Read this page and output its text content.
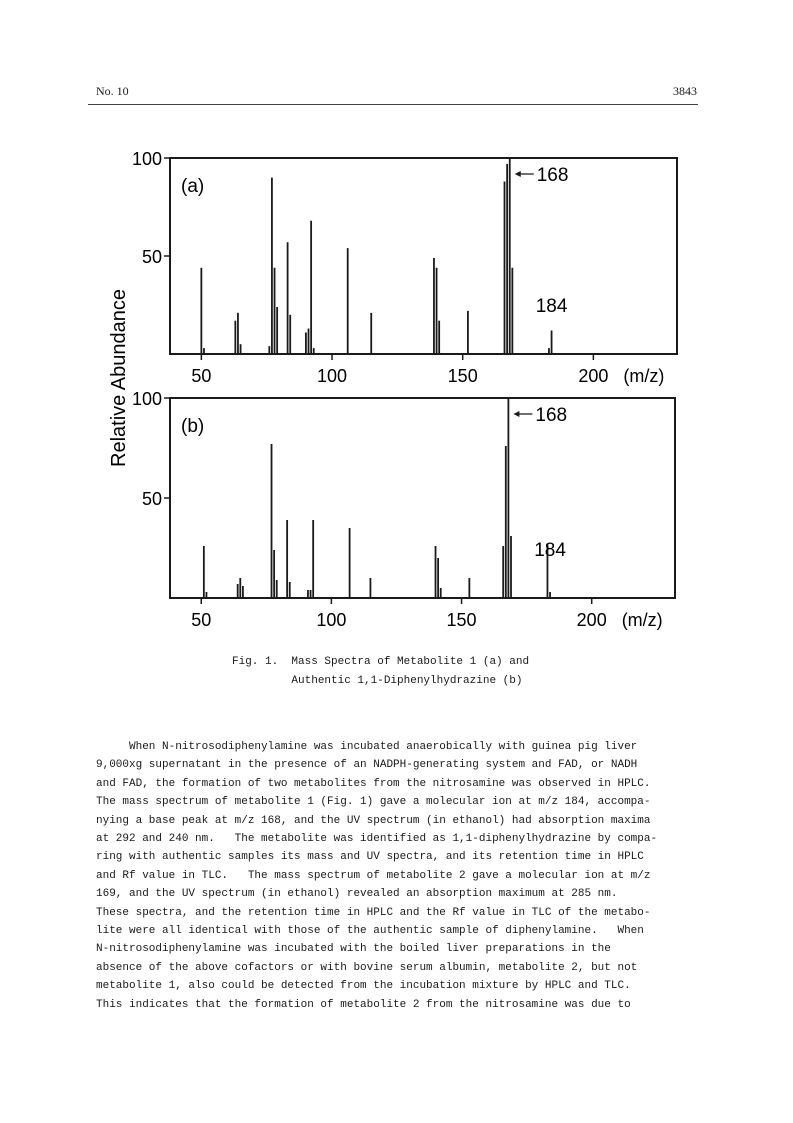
No. 10	3843
Relative Abundance
50
100
50	100	150	200 (m/z)
(a)
168
184
50
100
50	100	150	200 (m/z)
(b)
168
184
Fig. 1.  Mass Spectra of Metabolite 1 (a) and
Authentic 1,1-Diphenylhydrazine (b)

When N-nitrosodiphenylamine was incubated anaerobically with guinea pig liver

9,000xg supernatant in the presence of an NADPH-generating system and FAD, or NADH

and FAD, the formation of two metabolites from the nitrosamine was observed in HPLC.

The mass spectrum of metabolite 1 (Fig. 1) gave a molecular ion at m/z 184, accompa-

nying a base peak at m/z 168, and the UV spectrum (in ethanol) had absorption maxima

at 292 and 240 nm.   The metabolite was identified as 1,1-diphenylhydrazine by compa-

ring with authentic samples its mass and UV spectra, and its retention time in HPLC

and Rf value in TLC.   The mass spectrum of metabolite 2 gave a molecular ion at m/z

169, and the UV spectrum (in ethanol) revealed an absorption maximum at 285 nm.

These spectra, and the retention time in HPLC and the Rf value in TLC of the metabo-

lite were all identical with those of the authentic sample of diphenylamine.   When

N-nitrosodiphenylamine was incubated with the boiled liver preparations in the

absence of the above cofactors or with bovine serum albumin, metabolite 2, but not

metabolite 1, also could be detected from the incubation mixture by HPLC and TLC.

This indicates that the formation of metabolite 2 from the nitrosamine was due to
